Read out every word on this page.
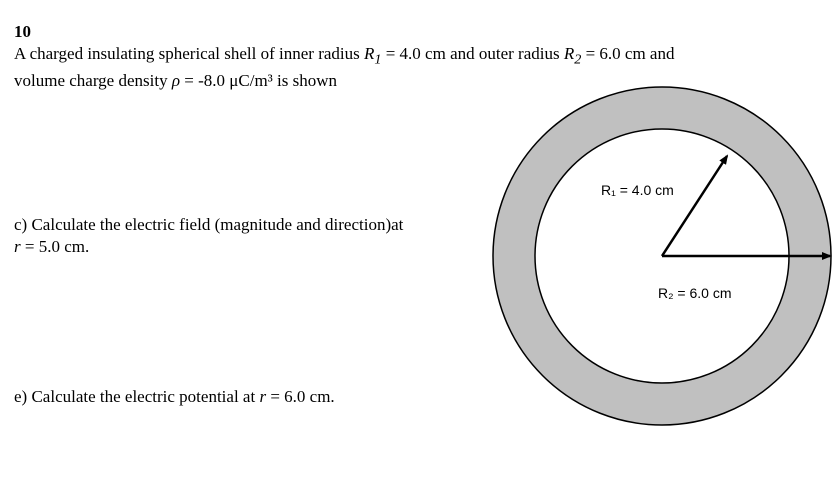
10
A charged insulating spherical shell of inner radius $R_1 = 4.0$ cm and outer radius $R_2 = 6.0$ cm and
volume charge density ρ = -8.0 μC/m³ is shown
c) Calculate the electric field (magnitude and direction)at
r = 5.0 cm.
e) Calculate the electric potential at r = 6.0 cm.
R₁ = 4.0 cm
R₂ = 6.0 cm
